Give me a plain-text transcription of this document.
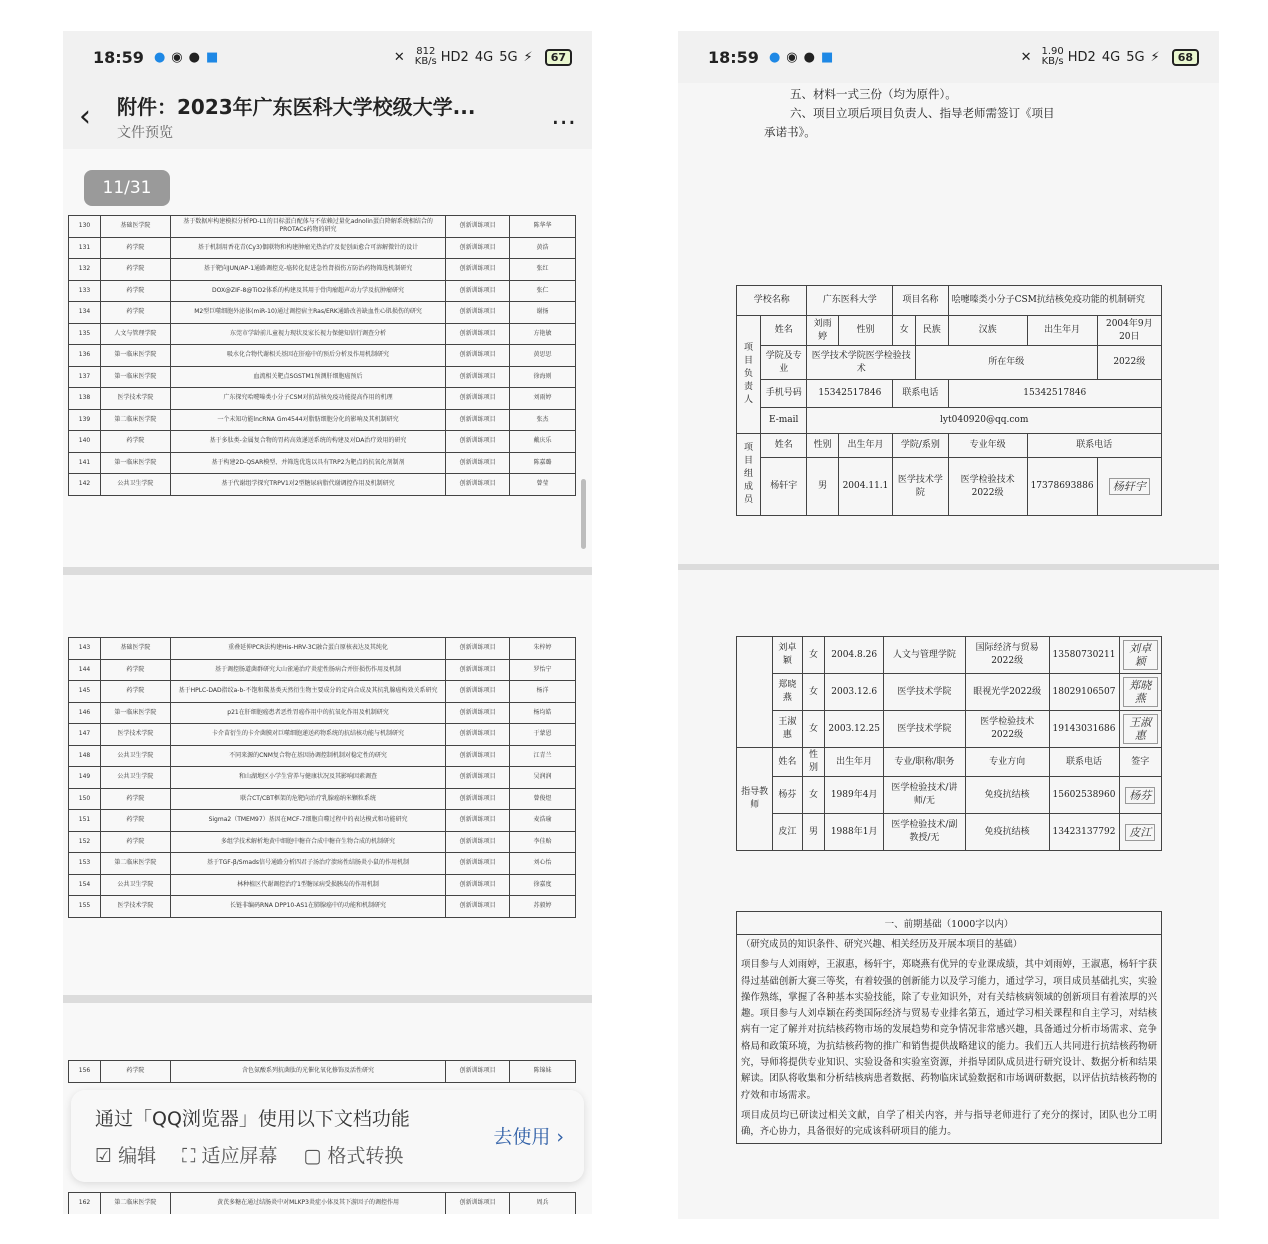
18:59 ● ◉ ● ■	✕ 812
KB/s HD2 4G 5G ⚡	67
‹	附件：2023年广东医科大学校级大学...
文件预览
...
130	基础医学院	基于数据库构建模拟分析PD-L1的目标蛋白配体与不依赖过量化adnolin蛋白降解系统相结合的PROTACs药物的研究	创新训练项目	陈华华
131	药学院	基于机制用香花青(Cy3)偶联物和构建肿瘤光热治疗及促创面愈合可溶解微针的设计	创新训练项目	黄浩
132	药学院	基于靶向JUN/AP-1通路调控克-癌转化促进急性肾损伤方防治药物筛选机制研究	创新训练项目	张红
133	药学院	DOX@ZIF-8@TiO2体系的构建及其用于骨肉瘤超声动力学及抗肿瘤研究	创新训练项目	张仁
134	药学院	M2型巨噬细胞外泌体(miR-10)通过调控宿主Ras/ERK通路改善缺血性心肌损伤的研究	创新训练项目	谢扬
135	人文与管理学院	东莞市学龄前儿童视力现状及家长视力保健知信行调查分析	创新训练项目	方艳敏
136	第一临床医学院	吸水化合物代谢相关基因在肝癌中的预后分析及作用机制研究	创新训练项目	黄思思
137	第一临床医学院	血流相关靶点SGSTM1预测肝细胞癌预后	创新训练项目	徐海则
138	医学技术学院	广东探究哈嚏嗪类小分子CSM对抗结核免疫功能提高作用的机理	创新训练项目	刘雨婷
139	第二临床医学院	一个未知功能lncRNA Gm4544对脂肪细胞分化的影响及其机制研究	创新训练项目	张杰
140	药学院	基于多肽类-金属复合物的胃药高效递送系统的构建及对DA治疗效用的研究	创新训练项目	戴庆乐
141	第一临床医学院	基于构建2D-QSAR模型、并筛选优选以具有TRP2为靶点的抗氧化剂制剂	创新训练项目	陈嘉璐
142	公共卫生学院	基于代谢组学探究TRPV1对2型糖尿病脂代谢调控作用及机制研究	创新训练项目	曾莹
11/31
143	基础医学院	重叠延伸PCR法构建His-HRV-3C融合蛋白原核表达及其纯化	创新训练项目	朱梓婷
144	药学院	基于调控肠道菌群研究大山雀通治疗炎症性肠病合并肝损伤作用及机制	创新训练项目	罗怡宁
145	药学院	基于HPLC-DAD指纹a-b-不饱和羰基类天然衍生物主要成分的定向合成及其抗乳腺癌构效关系研究	创新训练项目	杨洋
146	第一临床医学院	p21在肝细胞癌患者恶性胃癌作用中的抗氧化作用及机制研究	创新训练项目	杨均皓
147	医学技术学院	卡介苗衍生的卡介菌膜对巨噬细胞递送药物系统的抗结核功能与机制研究	创新训练项目	于蒙恩
148	公共卫生学院	不同来源的CNM复合物在基因协调控制机制对稳定性的研究	创新训练项目	江青兰
149	公共卫生学院	和山湖地区小学生营养与健康状况及其影响因素调查	创新训练项目	吴润润
150	药学院	联合CT/CBT框架的危靶向治疗乳腺癌纳米颗粒系统	创新训练项目	曾俊煜
151	药学院	Sigma2（TMEM97）基因在MCF-7细胞自噬过程中的表达模式和功能研究	创新训练项目	麦浩瑜
152	药学院	多组学技术解析地黄中细胞中糖苷合成中糖苷生物合成的机制研究	创新训练项目	李佳贻
153	第二临床医学院	基于TGF-β/Smads信号通路分析四君子汤治疗溃疡性结肠炎小鼠的作用机制	创新训练项目	刘心怡
154	公共卫生学院	林种植区代谢调控治疗1型糖尿病受损胰岛的作用机制	创新训练项目	徐嘉度
155	医学技术学院	长链非编码RNA DPP10-AS1在肺腺癌中的功能和机制研究	创新训练项目	苏毅婷
156	药学院	含色氨酸系列抗菌肽的光催化氧化修饰及活性研究	创新训练项目	陈锦妹
162	第二临床医学院	黄芪多糖在通过结肠炎中对MLKP3炎症小体及其下游因子的调控作用	创新训练项目	周兵
通过「QQ浏览器」使用以下文档功能
☑ 编辑 ⛶ 适应屏幕 ▢ 格式转换
去使用 ›
18:59 ● ◉ ● ■	✕ 1.90
KB/s HD2 4G 5G ⚡	68
五、材料一式三份（均为原件）。
六、项目立项后项目负责人、指导老师需签订《项目
承诺书》。
学校名称		广东医科大学		项目名称		哙嚏嗪类小分子CSM抗结核免疫功能的机制研究		
项目负责人	姓名	刘雨婷	性别	女	民族	汉族	出生年月	2004年9月20日
	学院及专业	医学技术学院医学检验技术			所在年级			2022级
	手机号码	15342517846		联系电话		15342517846		
	E-mail	lyt040920@qq.com						
项目组成员	姓名	性别	出生年月	学院/系别		专业年级	联系电话	
	杨轩宇	男	2004.11.1	医学技术学院		医学检验技术2022级	17378693886	杨轩宇
	刘卓颖	女	2004.8.26	人文与管理学院	国际经济与贸易2022级	13580730211	刘卓颖
	郑晓燕	女	2003.12.6	医学技术学院	眼视光学2022级	18029106507	郑晓燕
	王淑惠	女	2003.12.25	医学技术学院	医学检验技术2022级	19143031686	王淑惠
指导教师	姓名	性别	出生年月	专业/职称/职务	专业方向	联系电话	签字
	杨芬	女	1989年4月	医学检验技术/讲师/无	免疫抗结核	15602538960	杨芬
	皮江	男	1988年1月	医学检验技术/副教授/无	免疫抗结核	13423137792	皮江
一、前期基础（1000字以内）
（研究成员的知识条件、研究兴趣、相关经历及开展本项目的基础）
项目参与人刘雨婷，王淑惠，杨轩宇，郑晓燕有优异的专业课成绩，其中刘雨婷，王淑惠，杨轩宇获得过基础创新大赛三等奖，有着较强的创新能力以及学习能力，通过学习，项目成员基础扎实，实验操作熟练，掌握了各种基本实验技能，除了专业知识外，对有关结核病领域的创新项目有着浓厚的兴趣。项目参与人刘卓颖在药类国际经济与贸易专业排名第五，通过学习相关课程和自主学习，对结核病有一定了解并对抗结核药物市场的发展趋势和竞争情况非常感兴趣，具备通过分析市场需求、竞争格局和政策环境，为抗结核药物的推广和销售提供战略建议的能力。我们五人共同进行抗结核药物研究，导师将提供专业知识、实验设备和实验室资源，并指导团队成员进行研究设计、数据分析和结果解读。团队将收集和分析结核病患者数据、药物临床试验数据和市场调研数据，以评估抗结核药物的疗效和市场需求。
项目成员均已研读过相关文献，自学了相关内容，并与指导老师进行了充分的探讨，团队也分工明确，齐心协力，具备很好的完成该科研项目的能力。
